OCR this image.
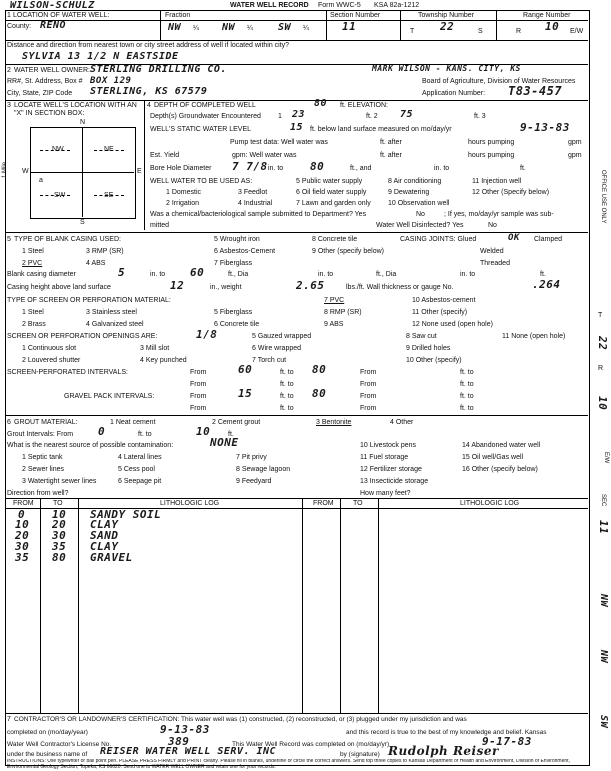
WILSON-SCHULZ	WATER WELL RECORD Form WWC-5 KSA 82a-1212
1 LOCATION OF WATER WELL:
County: RENO
Fraction
NW ¼ NW ¼	SW ¼
Section Number
11
Township Number
T 22	S
Range Number
R 10 E/W
Distance and direction from nearest town or city street address of well if located within city?
SYLVIA 13 1/2 N EASTSIDE
2 WATER WELL OWNER: STERLING DRILLING CO.	MARK WILSON - KANS. CITY, KS
RR#, St. Address, Box # BOX 129	Board of Agriculture, Division of Water Resources
City, State, ZIP Code STERLING, KS 67579	Application Number: T83-457
3 LOCATE WELL'S LOCATION WITH AN "X" IN SECTION BOX:
N
S
W	E
NW	NE
SW	SE
a
1 Mile
4 DEPTH OF COMPLETED WELL	80 ft. ELEVATION:
Depth(s) Groundwater Encountered 1 23	ft. 2 75	ft. 3
WELL'S STATIC WATER LEVEL	15 ft. below land surface measured on mo/day/yr	9-13-83
Pump test data: Well water was	ft. after	hours pumping	gpm
Est. Yield	gpm: Well water was	ft. after	hours pumping	gpm
Bore Hole Diameter 7 7/8 in. to 80	ft., and	in. to	ft.
WELL WATER TO BE USED AS:	5 Public water supply	8 Air conditioning	11 Injection well
1 Domestic	3 Feedlot	6 Oil field water supply	9 Dewatering	12 Other (Specify below)
2 Irrigation	4 Industrial	7 Lawn and garden only 10 Observation well
Was a chemical/bacteriological sample submitted to Department? Yes	No	; If yes, mo/day/yr sample was sub-
mitted	Water Well Disinfected? Yes	No
5 TYPE OF BLANK CASING USED:	5 Wrought iron	8 Concrete tile	CASING JOINTS: Glued	OK Clamped
1 Steel	3 RMP (SR)	6 Asbestos-Cement	9 Other (specify below)	Welded
2 PVC	4 ABS	7 Fiberglass	Threaded
Blank casing diameter	5	in. to 60	ft., Dia	in. to	ft., Dia	in. to	ft.
Casing height above land surface	12	in., weight	2.65	lbs./ft. Wall thickness or gauge No.	.264
TYPE OF SCREEN OR PERFORATION MATERIAL:	7 PVC	10 Asbestos-cement
1 Steel	3 Stainless steel	5 Fiberglass	8 RMP (SR)	11 Other (specify)
2 Brass	4 Galvanized steel	6 Concrete tile	9 ABS	12 None used (open hole)
SCREEN OR PERFORATION OPENINGS ARE:	1/8	5 Gauzed wrapped	8 Saw cut	11 None (open hole)
1 Continuous slot	3 Mill slot	6 Wire wrapped	9 Drilled holes
2 Louvered shutter	4 Key punched	7 Torch cut	10 Other (specify)
SCREEN-PERFORATED INTERVALS:	From	60	ft. to 80	From	ft. to
From	ft. to	From	ft. to
GRAVEL PACK INTERVALS:	From	15	ft. to 80	From	ft. to
From	ft. to	From	ft. to
6 GROUT MATERIAL:	1 Neat cement	2 Cement grout	3 Bentonite	4 Other
Grout Intervals: From 0	ft. to	10	ft.
What is the nearest source of possible contamination:	NONE	10 Livestock pens	14 Abandoned water well
1 Septic tank	4 Lateral lines	7 Pit privy	11 Fuel storage	15 Oil well/Gas well
2 Sewer lines	5 Cess pool	8 Sewage lagoon	12 Fertilizer storage	16 Other (specify below)
3 Watertight sewer lines	6 Seepage pit	9 Feedyard	13 Insecticide storage
Direction from well?	How many feet?
FROM	TO	LITHOLOGIC LOG	FROM	TO	LITHOLOGIC LOG
0 10 SANDY SOIL
10 20 CLAY
20 30 SAND
30 35 CLAY
35 80 GRAVEL
7 CONTRACTOR'S OR LANDOWNER'S CERTIFICATION: This water well was (1) constructed, (2) reconstructed, or (3) plugged under my jurisdiction and was
completed on (mo/day/year)	9-13-83	and this record is true to the best of my knowledge and belief. Kansas
Water Well Contractor's License No.	389	This Water Well Record was completed on (mo/day/yr)	9-17-83
under the business name of REISER WATER WELL SERV. INC	by (signature) Rudolph Reiser
INSTRUCTIONS: Use typewriter or ball point pen. PLEASE PRESS FIRMLY and PRINT clearly. Please fill in blanks, underline or circle the correct answers. Send top three copies to Kansas Department of Health and Environment, Division of Environment, Environmental Geology Section, Topeka, KS 66620. Send one to WATER WELL OWNER and retain one for your records.
OFFICE USE ONLY
T
22
R
10
E/W
SEC
11
NW
NW
SW
